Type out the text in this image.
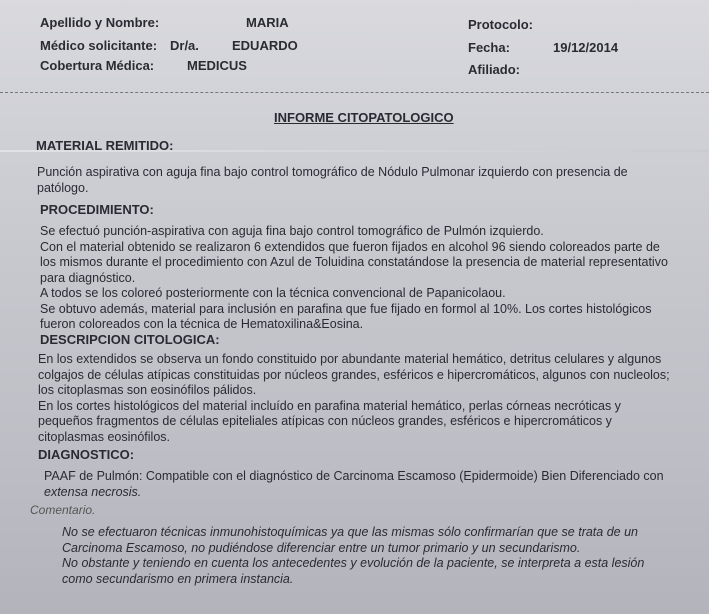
Apellido y Nombre:	MARIA	Protocolo:
Médico solicitante: Dr/a.	EDUARDO	Fecha:	19/12/2014
Cobertura Médica:	MEDICUS	Afiliado:
INFORME CITOPATOLOGICO
MATERIAL REMITIDO:
Punción aspirativa con aguja fina bajo control tomográfico de Nódulo Pulmonar izquierdo con presencia de
patólogo.
PROCEDIMIENTO:
Se efectuó punción-aspirativa con aguja fina bajo control tomográfico de Pulmón izquierdo.
Con el material obtenido se realizaron 6 extendidos que fueron fijados en alcohol 96 siendo coloreados parte de
los mismos durante el procedimiento con Azul de Toluidina constatándose la presencia de material representativo
para diagnóstico.
A todos se los coloreó posteriormente con la técnica convencional de Papanicolaou.
Se obtuvo además, material para inclusión en parafina que fue fijado en formol al 10%. Los cortes histológicos
fueron coloreados con la técnica de Hematoxilina&Eosina.
DESCRIPCION CITOLOGICA:
En los extendidos se observa un fondo constituido por abundante material hemático, detritus celulares y algunos
colgajos de células atípicas constituidas por núcleos grandes, esféricos e hipercromáticos, algunos con nucleolos;
los citoplasmas son eosinófilos pálidos.
En los cortes histológicos del material incluído en parafina material hemático, perlas córneas necróticas y
pequeños fragmentos de células epiteliales atípicas con núcleos grandes, esféricos e hipercromáticos y
citoplasmas eosinófilos.
DIAGNOSTICO:
PAAF de Pulmón: Compatible con el diagnóstico de Carcinoma Escamoso (Epidermoide) Bien Diferenciado con
extensa necrosis.
Comentario.
No se efectuaron técnicas inmunohistoquímicas ya que las mismas sólo confirmarían que se trata de un
Carcinoma Escamoso, no pudiéndose diferenciar entre un tumor primario y un secundarismo.
No obstante y teniendo en cuenta los antecedentes y evolución de la paciente, se interpreta a esta lesión
como secundarismo en primera instancia.
